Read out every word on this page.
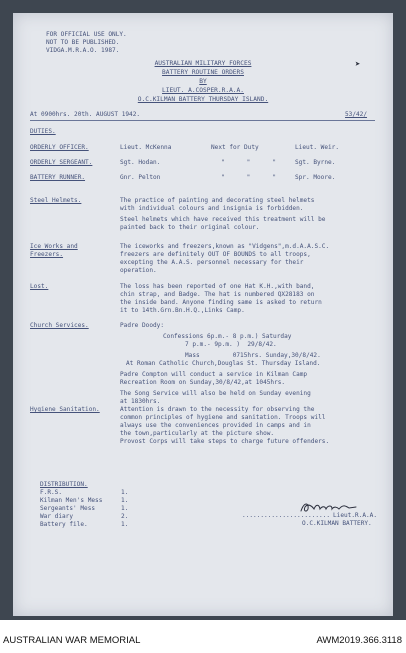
FOR OFFICIAL USE ONLY.

NOT TO BE PUBLISHED.

VIDGA.M.R.A.O. 1987.

➤

AUSTRALIAN MILITARY FORCES

BATTERY ROUTINE ORDERS

BY

LIEUT. A.COSPER.R.A.A.

O.C.KILMAN BATTERY THURSDAY ISLAND.

At 0900hrs. 20th. AUGUST 1942.	53/42/

DUTIES.

ORDERLY OFFICER.	Lieut. McKenna	Next for Duty	Lieut. Weir.

ORDERLY SERGEANT.	Sgt. Hodan.	"      "      "	Sgt. Byrne.

BATTERY RUNNER.	Gnr. Pelton	"      "      "	Spr. Moore.

Steel Helmets.	The practice of painting and decorating steel helmets

with individual colours and insignia is forbidden.

Steel helmets which have received this treatment will be

painted back to their original colour.

Ice Works and

Freezers.

The iceworks and freezers,known as "Vidgens",m.d.A.A.S.C.

freezers are definitely OUT OF BOUNDS to all troops,

excepting the A.A.S. personnel necessary for their

operation.

Lost.	The loss has been reported of one Hat K.H.,with band,

chin strap, and Badge. The hat is numbered QX28183 on

the inside band. Anyone finding same is asked to return

it to 14th.Grn.Bn.H.Q.,Links Camp.

Church Services.	Padre Doody:

Confessions 6p.m.- 8 p.m.) Saturday

7 p.m.- 9p.m. )  29/8/42.

Mass         0715hrs. Sunday,30/8/42.

At Roman Catholic Church,Douglas St. Thursday Island.

Padre Compton will conduct a service in Kilman Camp

Recreation Room on Sunday,30/8/42,at 1045hrs.

The Song Service will also be held on Sunday evening

at 1830hrs.

Hygiene Sanitation.	Attention is drawn to the necessity for observing the

common principles of hygiene and sanitation. Troops will

always use the conveniences provided in camps and in

the town,particularly at the picture show.

Provost Corps will take steps to charge future offenders.

DISTRIBUTION.

F.R.S.	1.

Kilman Men's Mess	1.

Sergeants' Mess	1.

War diary	2.

Battery file.	1.

........................ Lieut.R.A.A.

O.C.KILMAN BATTERY.

AUSTRALIAN WAR MEMORIAL	AWM2019.366.3118
